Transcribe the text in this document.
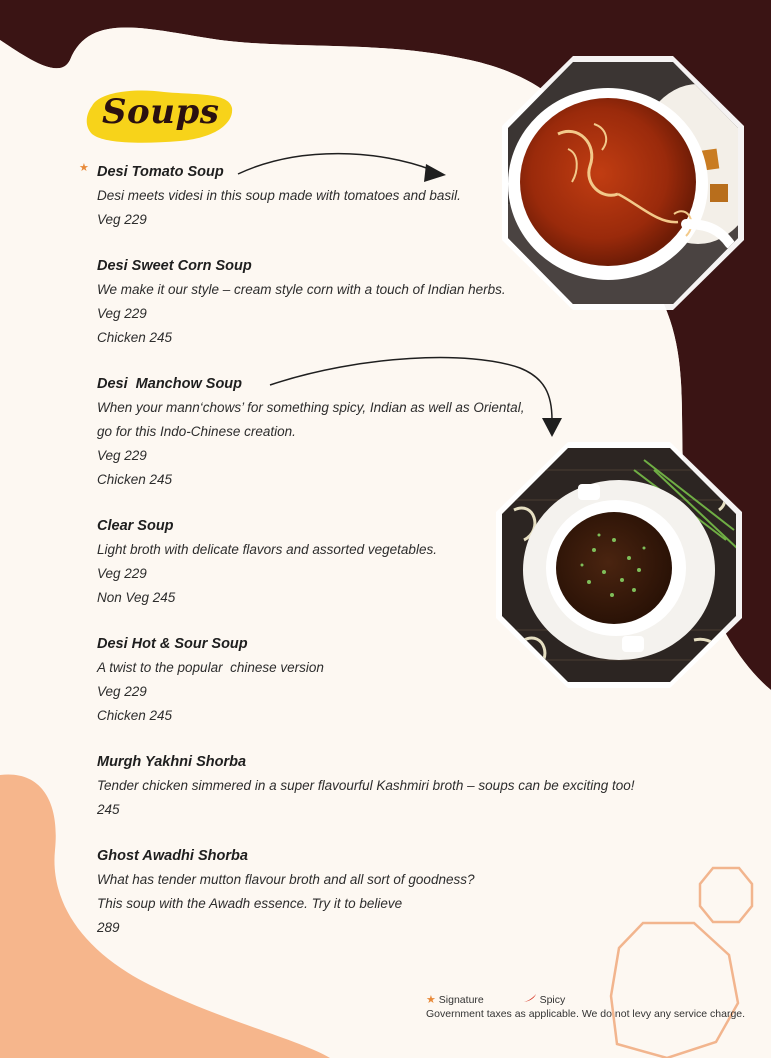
Soups
★ Desi Tomato Soup
Desi meets videsi in this soup made with tomatoes and basil.
Veg 229
Desi Sweet Corn Soup
We make it our style – cream style corn with a touch of Indian herbs.
Veg 229
Chicken 245
Desi  Manchow Soup
When your mann‘chows’ for something spicy, Indian as well as Oriental,
go for this Indo-Chinese creation.
Veg 229
Chicken 245
Clear Soup
Light broth with delicate flavors and assorted vegetables.
Veg 229
Non Veg 245
Desi Hot & Sour Soup
A twist to the popular  chinese version
Veg 229
Chicken 245
Murgh Yakhni Shorba
Tender chicken simmered in a super flavourful Kashmiri broth – soups can be exciting too!
245
Ghost Awadhi Shorba
What has tender mutton flavour broth and all sort of goodness?
This soup with the Awadh essence. Try it to believe
289
★ Signature	Spicy
Government taxes as applicable. We do not levy any service charge.
